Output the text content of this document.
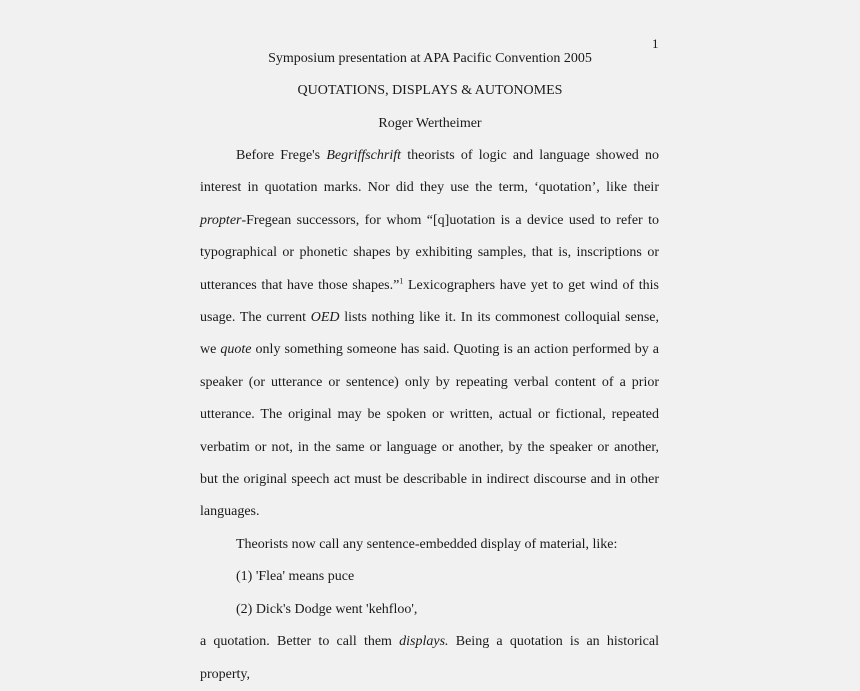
1
Symposium presentation at APA Pacific Convention 2005
QUOTATIONS, DISPLAYS & AUTONOMES
Roger Wertheimer

Before Frege's Begriffschrift theorists of logic and language showed no interest in quotation marks. Nor did they use the term, ‘quotation’, like their propter-Fregean successors, for whom “[q]uotation is a device used to refer to typographical or phonetic shapes by exhibiting samples, that is, inscriptions or utterances that have those shapes.”$^1$ Lexicographers have yet to get wind of this usage. The current OED lists nothing like it. In its commonest colloquial sense, we quote only something someone has said. Quoting is an action performed by a speaker (or utterance or sentence) only by repeating verbal content of a prior utterance. The original may be spoken or written, actual or fictional, repeated verbatim or not, in the same or language or another, by the speaker or another, but the original speech act must be describable in indirect discourse and in other languages.

Theorists now call any sentence-embedded display of material, like:

(1) 'Flea' means puce

(2) Dick's Dodge went 'kehfloo',

a quotation. Better to call them displays. Being a quotation is an historical property,
